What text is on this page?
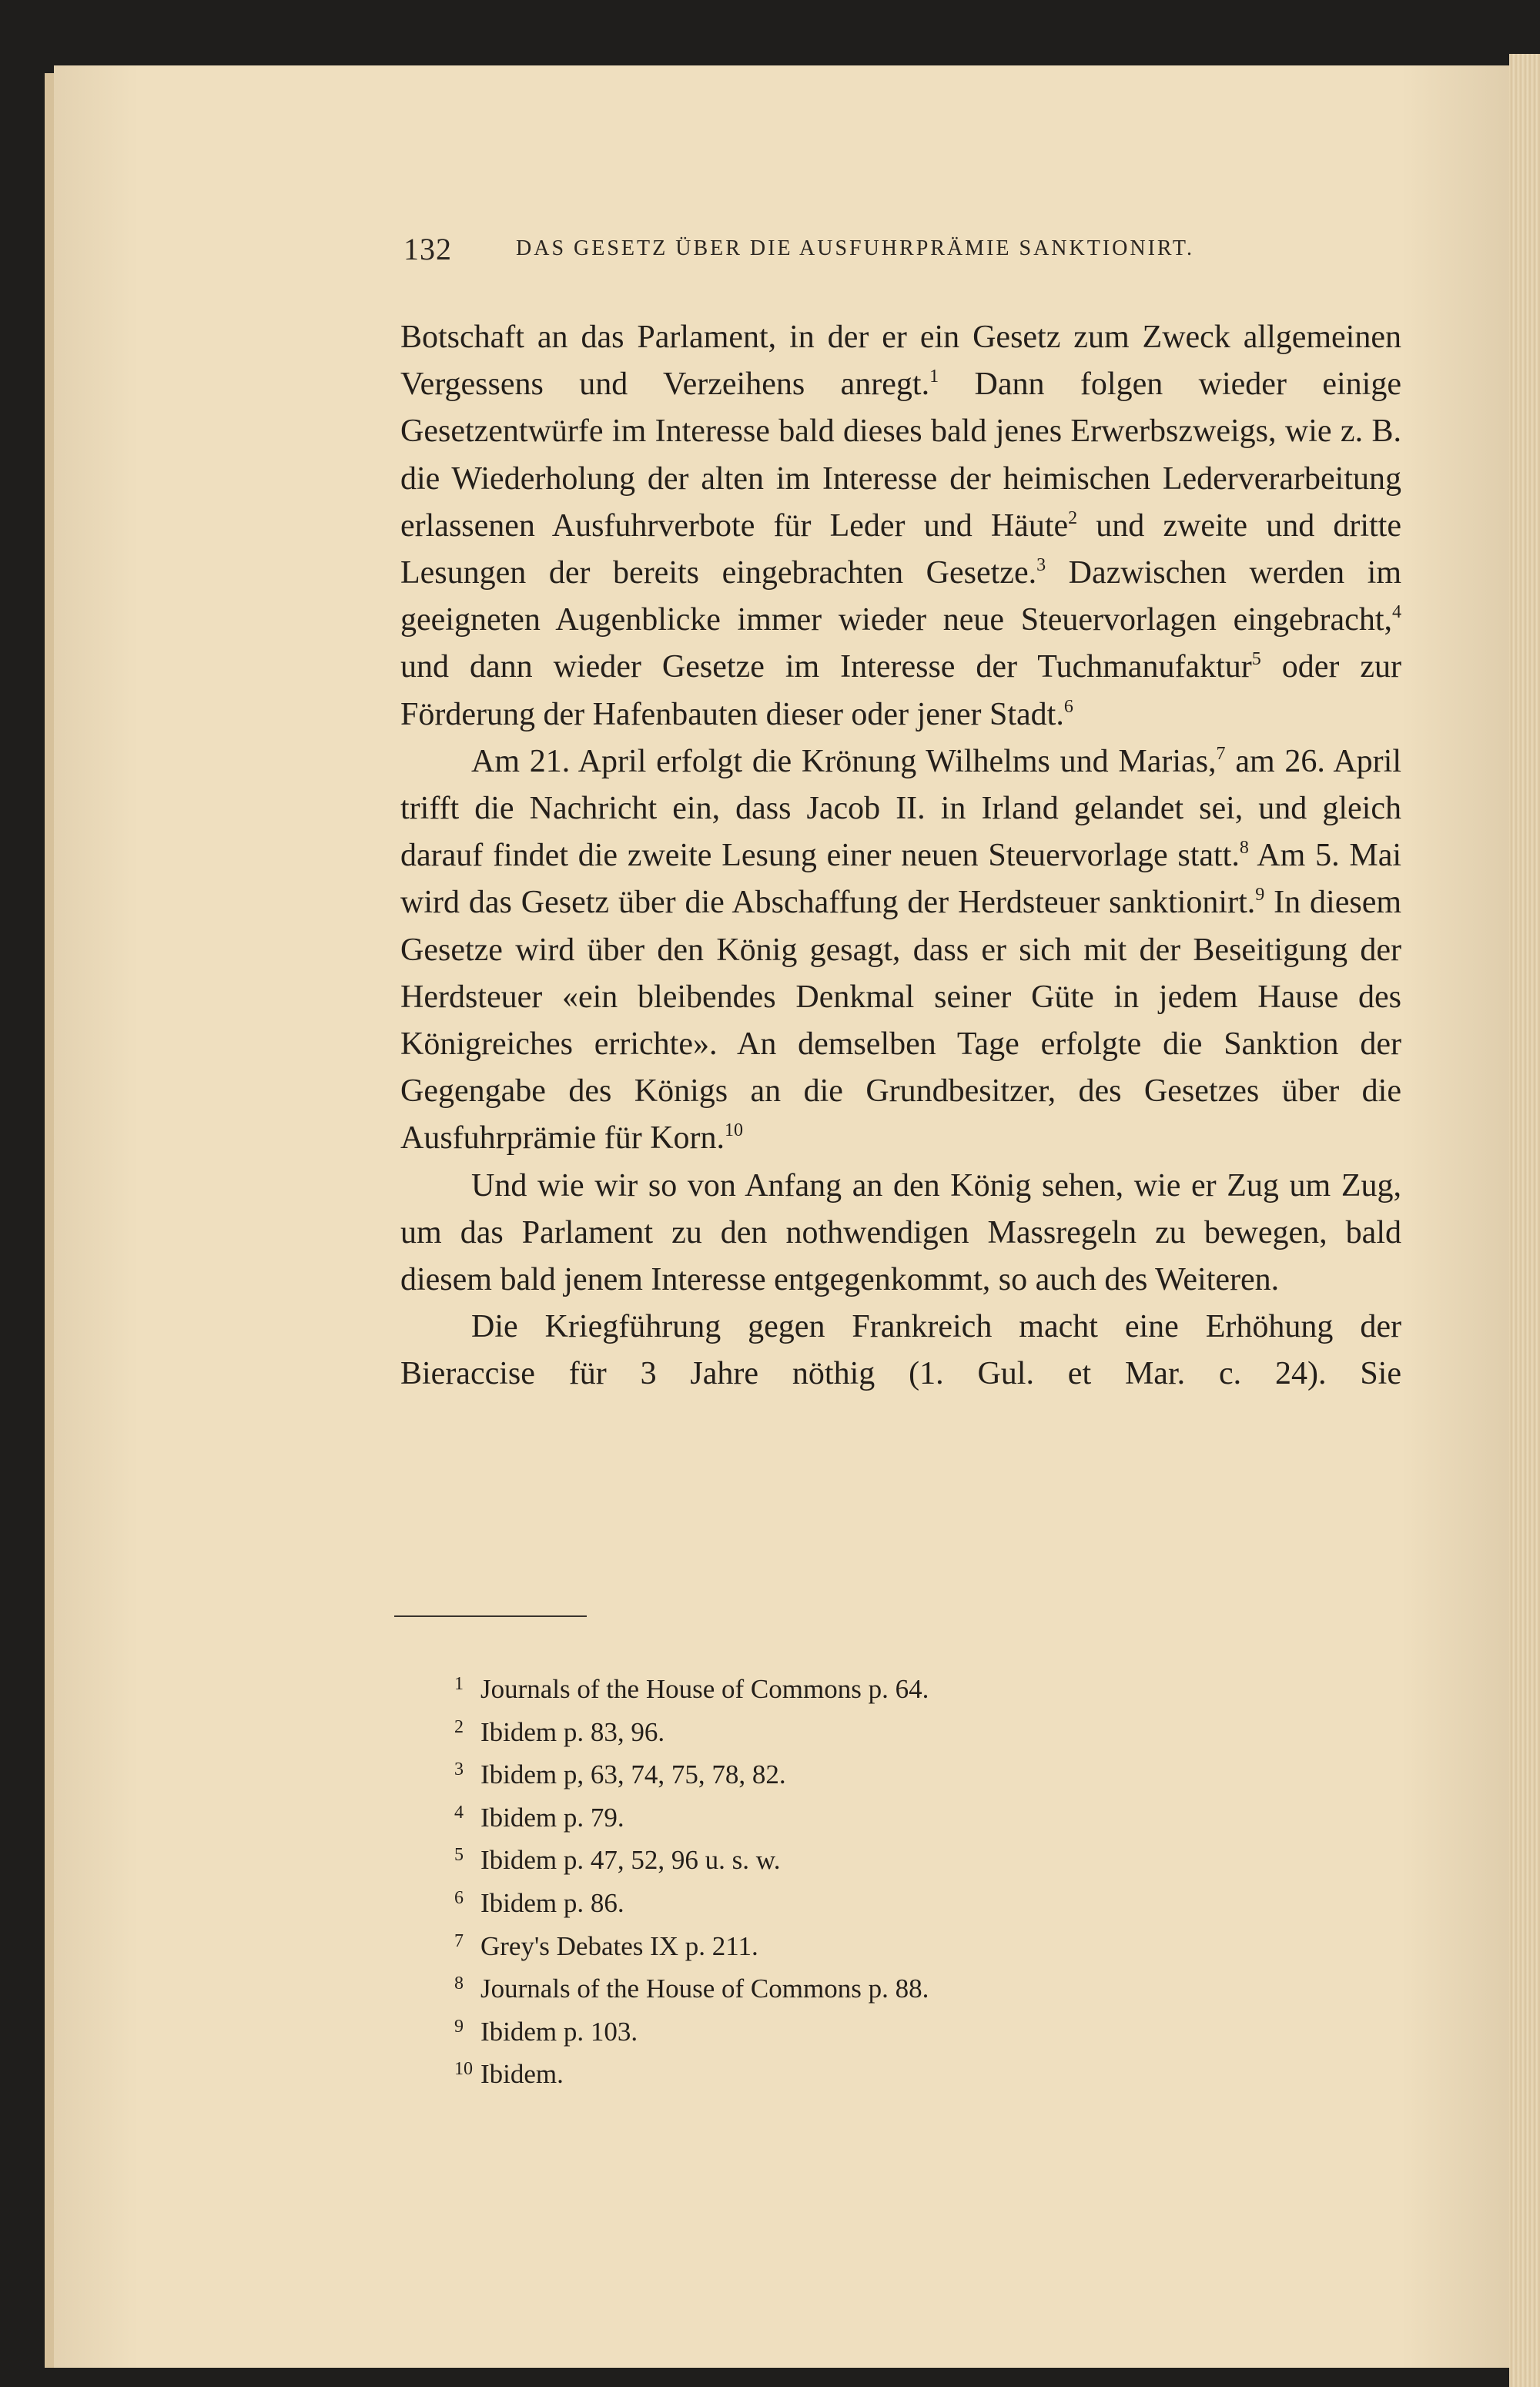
132	DAS GESETZ ÜBER DIE AUSFUHRPRÄMIE SANKTIONIRT.

Botschaft an das Parlament, in der er ein Gesetz zum Zweck allgemeinen Vergessens und Verzeihens anregt.$^1$ Dann folgen wieder einige Gesetzentwürfe im Interesse bald dieses bald jenes Erwerbszweigs, wie z. B. die Wiederholung der alten im Interesse der heimischen Lederverarbeitung erlassenen Ausfuhrverbote für Leder und Häute$^2$ und zweite und dritte Lesungen der bereits eingebrachten Gesetze.$^3$ Dazwischen werden im geeigneten Augenblicke immer wieder neue Steuervorlagen eingebracht,$^4$ und dann wieder Gesetze im Interesse der Tuchmanufaktur$^5$ oder zur Förderung der Hafenbauten dieser oder jener Stadt.$^6$

Am 21. April erfolgt die Krönung Wilhelms und Marias,$^7$ am 26. April trifft die Nachricht ein, dass Jacob II. in Irland gelandet sei, und gleich darauf findet die zweite Lesung einer neuen Steuervorlage statt.$^8$ Am 5. Mai wird das Gesetz über die Abschaffung der Herdsteuer sanktionirt.$^9$ In diesem Gesetze wird über den König gesagt, dass er sich mit der Beseitigung der Herdsteuer «ein bleibendes Denkmal seiner Güte in jedem Hause des Königreiches errichte». An demselben Tage erfolgte die Sanktion der Gegengabe des Königs an die Grundbesitzer, des Gesetzes über die Ausfuhrprämie für Korn.$^{10}$

Und wie wir so von Anfang an den König sehen, wie er Zug um Zug, um das Parlament zu den nothwendigen Massregeln zu bewegen, bald diesem bald jenem Interesse entgegenkommt, so auch des Weiteren.

Die Kriegführung gegen Frankreich macht eine Erhöhung der Bieraccise für 3 Jahre nöthig (1. Gul. et Mar. c. 24). Sie

1 Journals of the House of Commons p. 64.
2 Ibidem p. 83, 96.
3 Ibidem p, 63, 74, 75, 78, 82.
4 Ibidem p. 79.
5 Ibidem p. 47, 52, 96 u. s. w.
6 Ibidem p. 86.
7 Grey's Debates IX p. 211.
8 Journals of the House of Commons p. 88.
9 Ibidem p. 103.
10 Ibidem.
